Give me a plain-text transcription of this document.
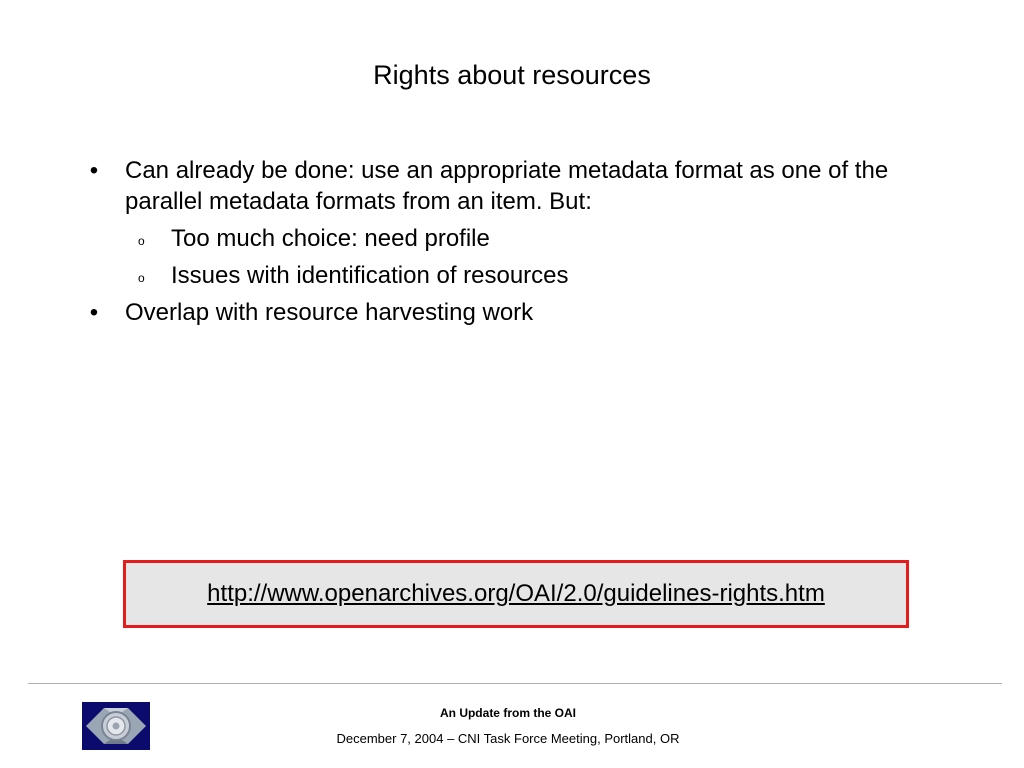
Rights about resources
• Can already be done: use an appropriate metadata format as one of the parallel metadata formats from an item. But:
o Too much choice: need profile
o Issues with identification of resources
• Overlap with resource harvesting work
http://www.openarchives.org/OAI/2.0/guidelines-rights.htm
An Update from the OAI
December 7, 2004 – CNI Task Force Meeting, Portland, OR
